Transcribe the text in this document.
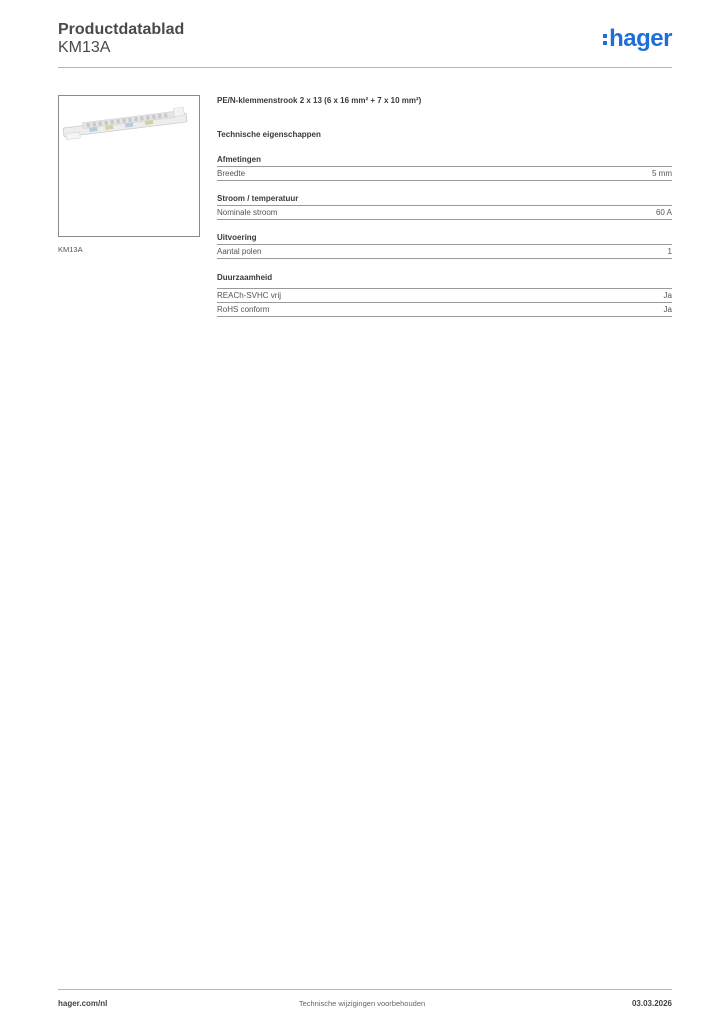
Productdatablad
KM13A	hager
KM13A
PE/N-klemmenstrook 2 x 13 (6 x 16 mm² + 7 x 10 mm²)
Technische eigenschappen
Afmetingen
Breedte	5 mm
Stroom / temperatuur
Nominale stroom	60 A
Uitvoering
Aantal polen	1
Duurzaamheid
REACh-SVHC vrij	Ja
RoHS conform	Ja
Technische wijzigingen voorbehouden
hager.com/nl	03.03.2026
